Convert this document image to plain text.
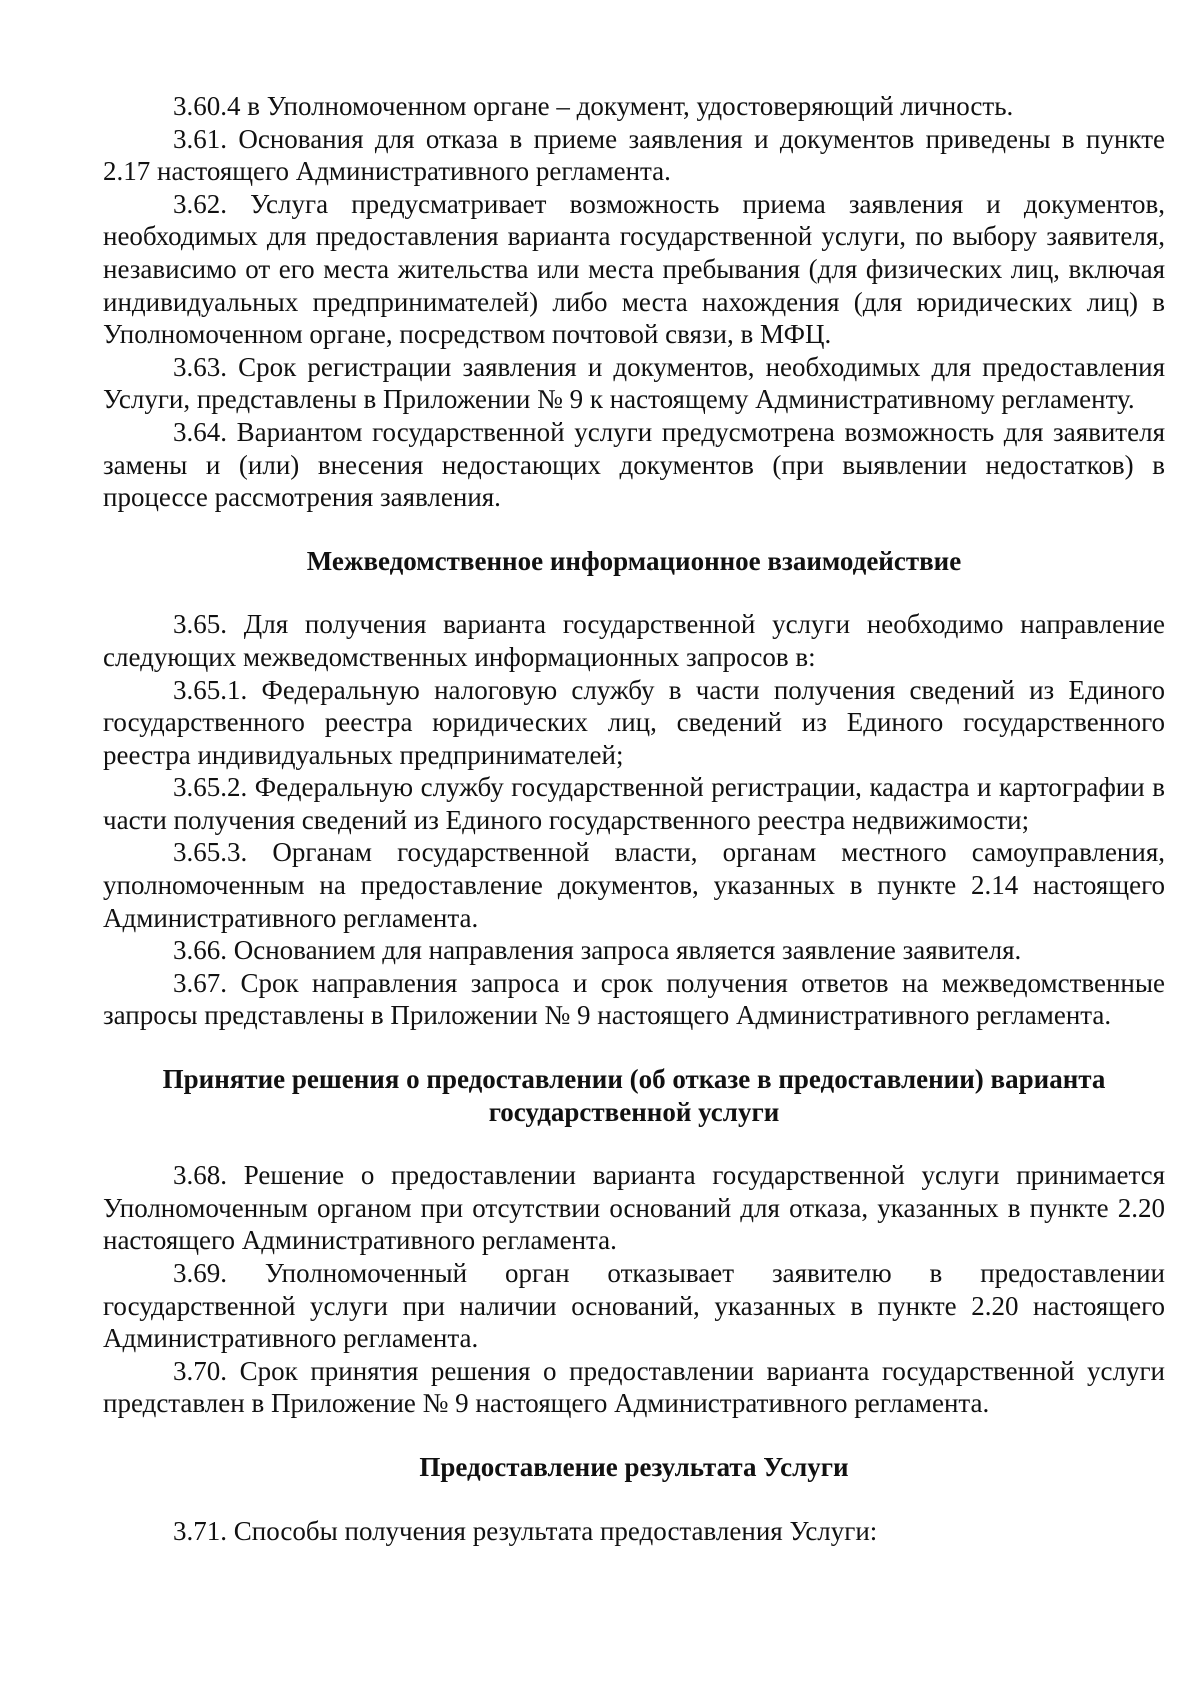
3.60.4 в Уполномоченном органе – документ, удостоверяющий личность.

3.61. Основания для отказа в приеме заявления и документов приведены в пункте 2.17 настоящего Административного регламента.

3.62. Услуга предусматривает возможность приема заявления и документов, необходимых для предоставления варианта государственной услуги, по выбору заявителя, независимо от его места жительства или места пребывания (для физических лиц, включая индивидуальных предпринимателей) либо места нахождения (для юридических лиц) в Уполномоченном органе, посредством почтовой связи, в МФЦ.

3.63. Срок регистрации заявления и документов, необходимых для предоставления Услуги, представлены в Приложении № 9 к настоящему Административному регламенту.

3.64. Вариантом государственной услуги предусмотрена возможность для заявителя замены и (или) внесения недостающих документов (при выявлении недостатков) в процессе рассмотрения заявления.

Межведомственное информационное взаимодействие

3.65. Для получения варианта государственной услуги необходимо направление следующих межведомственных информационных запросов в:

3.65.1. Федеральную налоговую службу в части получения сведений из Единого государственного реестра юридических лиц, сведений из Единого государственного реестра индивидуальных предпринимателей;

3.65.2. Федеральную службу государственной регистрации, кадастра и картографии в части получения сведений из Единого государственного реестра недвижимости;

3.65.3. Органам государственной власти, органам местного самоуправления, уполномоченным на предоставление документов, указанных в пункте 2.14 настоящего Административного регламента.

3.66. Основанием для направления запроса является заявление заявителя.

3.67. Срок направления запроса и срок получения ответов на межведомственные запросы представлены в Приложении № 9 настоящего Административного регламента.

Принятие решения о предоставлении (об отказе в предоставлении) варианта государственной услуги

3.68. Решение о предоставлении варианта государственной услуги принимается Уполномоченным органом при отсутствии оснований для отказа, указанных в пункте 2.20 настоящего Административного регламента.

3.69. Уполномоченный орган отказывает заявителю в предоставлении государственной услуги при наличии оснований, указанных в пункте 2.20 настоящего Административного регламента.

3.70. Срок принятия решения о предоставлении варианта государственной услуги представлен в Приложение № 9 настоящего Административного регламента.

Предоставление результата Услуги

3.71. Способы получения результата предоставления Услуги:
